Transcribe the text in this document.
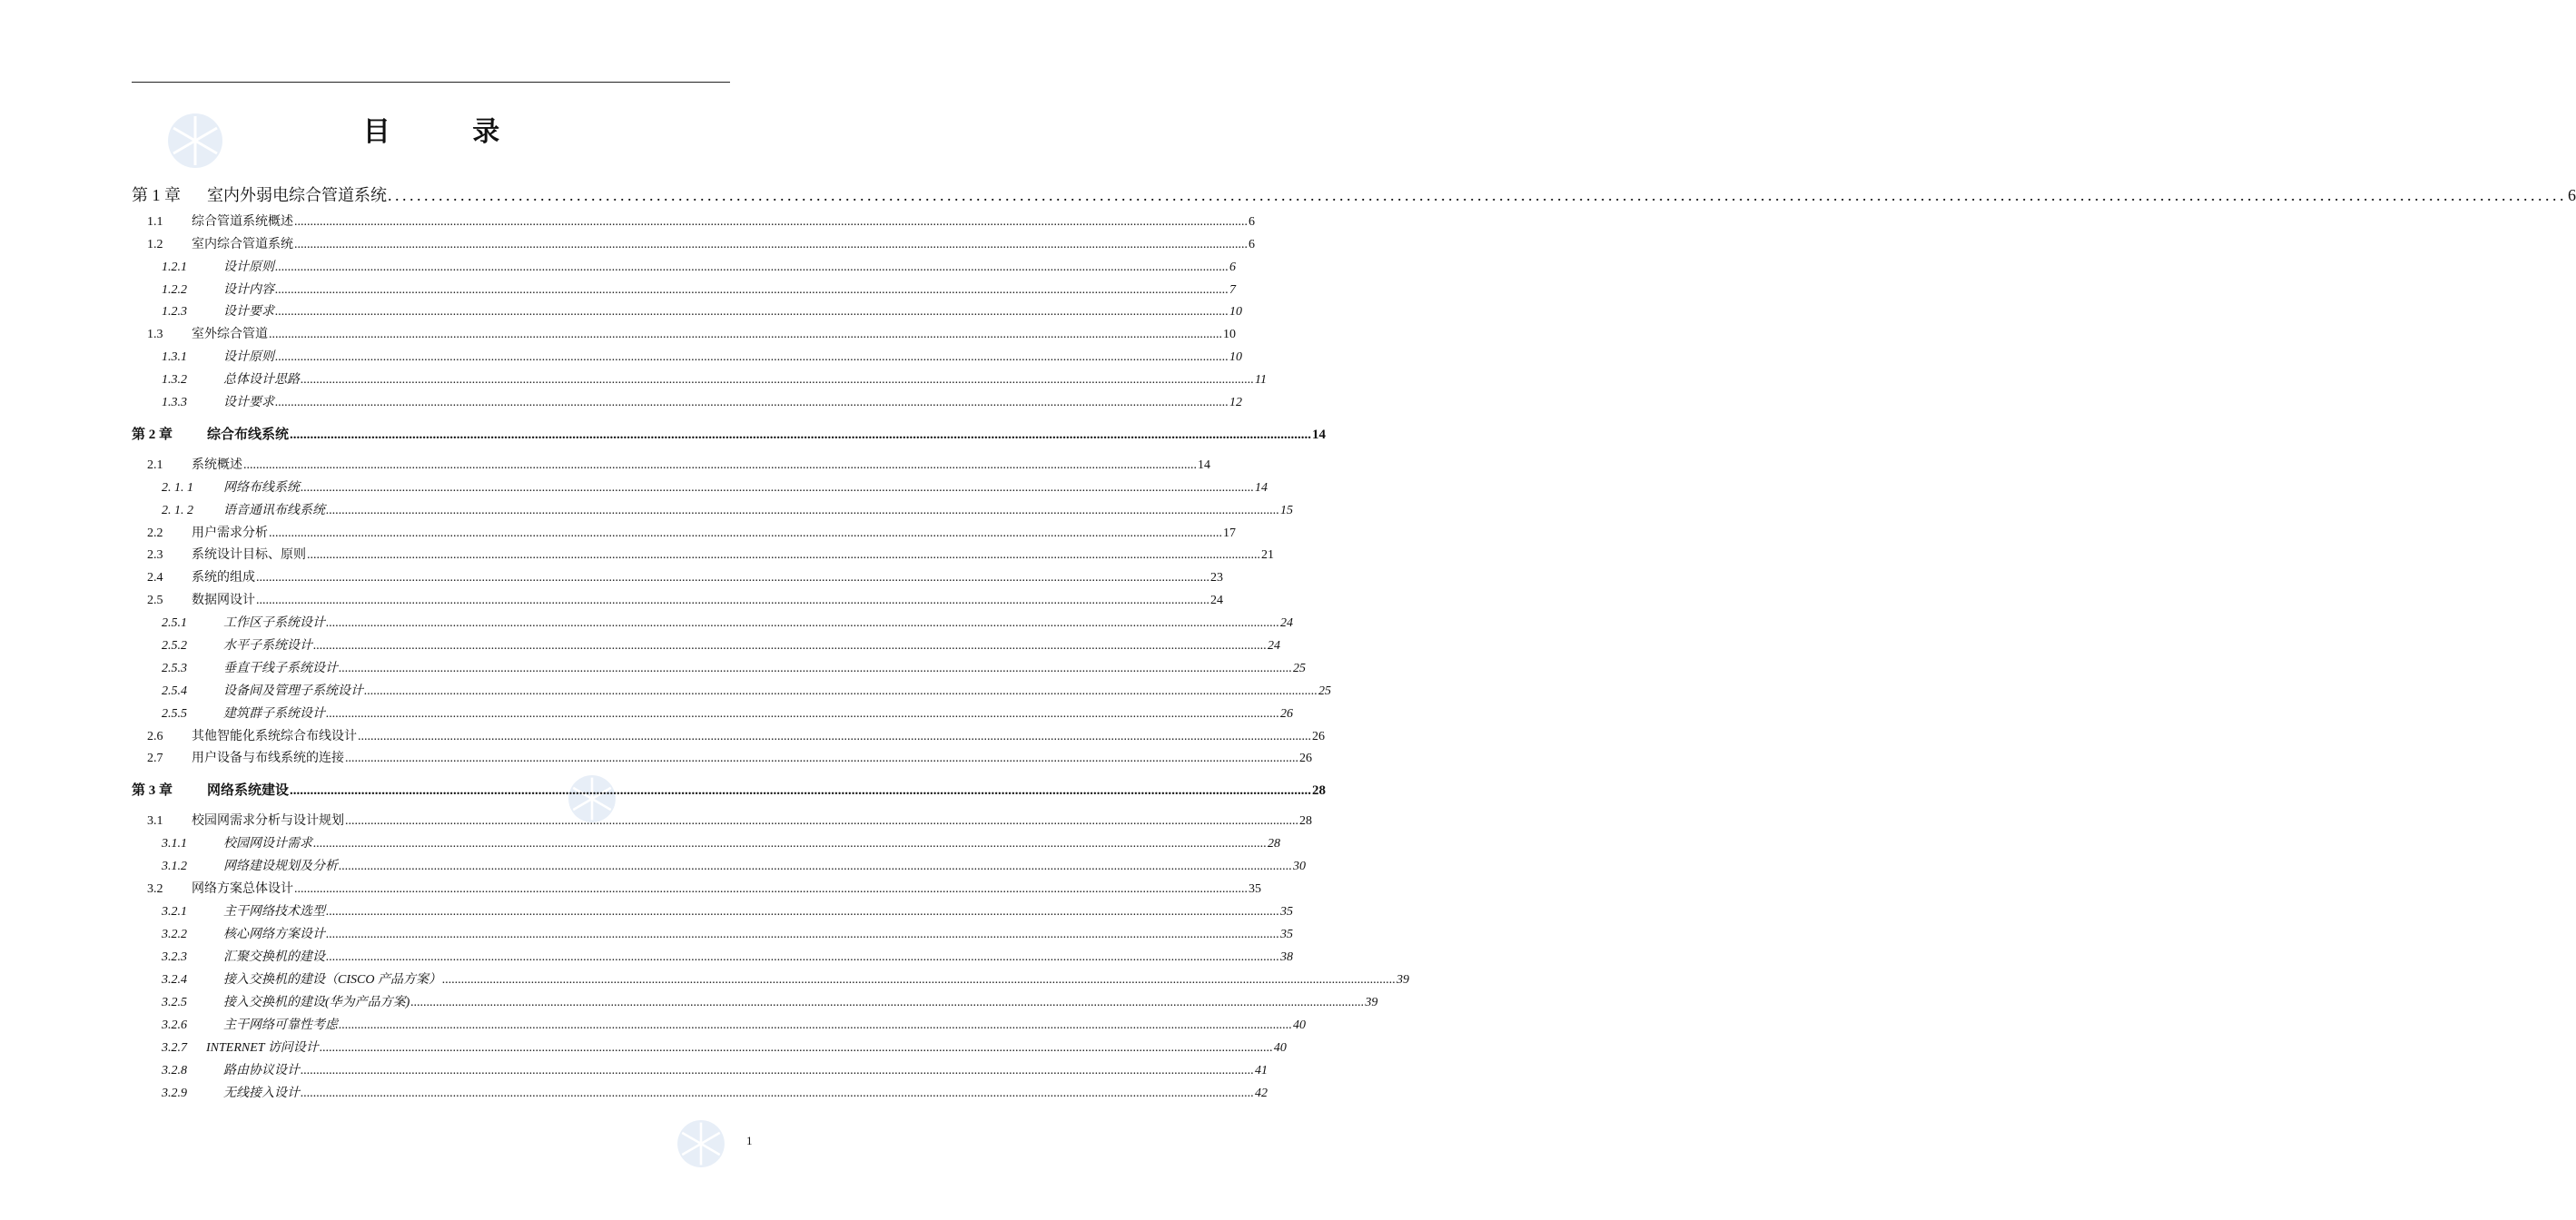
目 录
第 1 章	室内外弱电综合管道系统 ............................................................................................................................................................................................................................................................................................................ 6
1.1	综合管道系统概述 ............................................................................................................................................................................................................................................................................................................ 6
1.2	室内综合管道系统 ............................................................................................................................................................................................................................................................................................................ 6
1.2.1	设计原则 ............................................................................................................................................................................................................................................................................................................ 6
1.2.2	设计内容 ............................................................................................................................................................................................................................................................................................................ 7
1.2.3	设计要求 ............................................................................................................................................................................................................................................................................................................ 10
1.3	室外综合管道 ............................................................................................................................................................................................................................................................................................................ 10
1.3.1	设计原则 ............................................................................................................................................................................................................................................................................................................ 10
1.3.2	总体设计思路 ............................................................................................................................................................................................................................................................................................................ 11
1.3.3	设计要求 ............................................................................................................................................................................................................................................................................................................ 12
第 2 章	综合布线系统 ............................................................................................................................................................................................................................................................................................................ 14
2.1	系统概述 ............................................................................................................................................................................................................................................................................................................ 14
2. 1. 1	网络布线系统 ............................................................................................................................................................................................................................................................................................................ 14
2. 1. 2	语音通讯布线系统 ............................................................................................................................................................................................................................................................................................................ 15
2.2	用户需求分析 ............................................................................................................................................................................................................................................................................................................ 17
2.3	系统设计目标、原则 ............................................................................................................................................................................................................................................................................................................ 21
2.4	系统的组成 ............................................................................................................................................................................................................................................................................................................ 23
2.5	数据网设计 ............................................................................................................................................................................................................................................................................................................ 24
2.5.1	工作区子系统设计 ............................................................................................................................................................................................................................................................................................................ 24
2.5.2	水平子系统设计 ............................................................................................................................................................................................................................................................................................................ 24
2.5.3	垂直干线子系统设计 ............................................................................................................................................................................................................................................................................................................ 25
2.5.4	设备间及管理子系统设计 ............................................................................................................................................................................................................................................................................................................ 25
2.5.5	建筑群子系统设计 ............................................................................................................................................................................................................................................................................................................ 26
2.6	其他智能化系统综合布线设计 ............................................................................................................................................................................................................................................................................................................ 26
2.7	用户设备与布线系统的连接 ............................................................................................................................................................................................................................................................................................................ 26
第 3 章	网络系统建设 ............................................................................................................................................................................................................................................................................................................ 28
3.1	校园网需求分析与设计规划 ............................................................................................................................................................................................................................................................................................................ 28
3.1.1	校园网设计需求 ............................................................................................................................................................................................................................................................................................................ 28
3.1.2	网络建设规划及分析 ............................................................................................................................................................................................................................................................................................................ 30
3.2	网络方案总体设计 ............................................................................................................................................................................................................................................................................................................ 35
3.2.1	主干网络技术选型 ............................................................................................................................................................................................................................................................................................................ 35
3.2.2	核心网络方案设计 ............................................................................................................................................................................................................................................................................................................ 35
3.2.3	汇聚交换机的建设 ............................................................................................................................................................................................................................................................................................................ 38
3.2.4	接入交换机的建设（CISCO 产品方案） ............................................................................................................................................................................................................................................................................................................ 39
3.2.5	接入交换机的建设(华为产品方案) ............................................................................................................................................................................................................................................................................................................ 39
3.2.6	主干网络可靠性考虑 ............................................................................................................................................................................................................................................................................................................ 40
3.2.7	INTERNET 访问设计 ............................................................................................................................................................................................................................................................................................................ 40
3.2.8	路由协议设计 ............................................................................................................................................................................................................................................................................................................ 41
3.2.9	无线接入设计 ............................................................................................................................................................................................................................................................................................................ 42
1
